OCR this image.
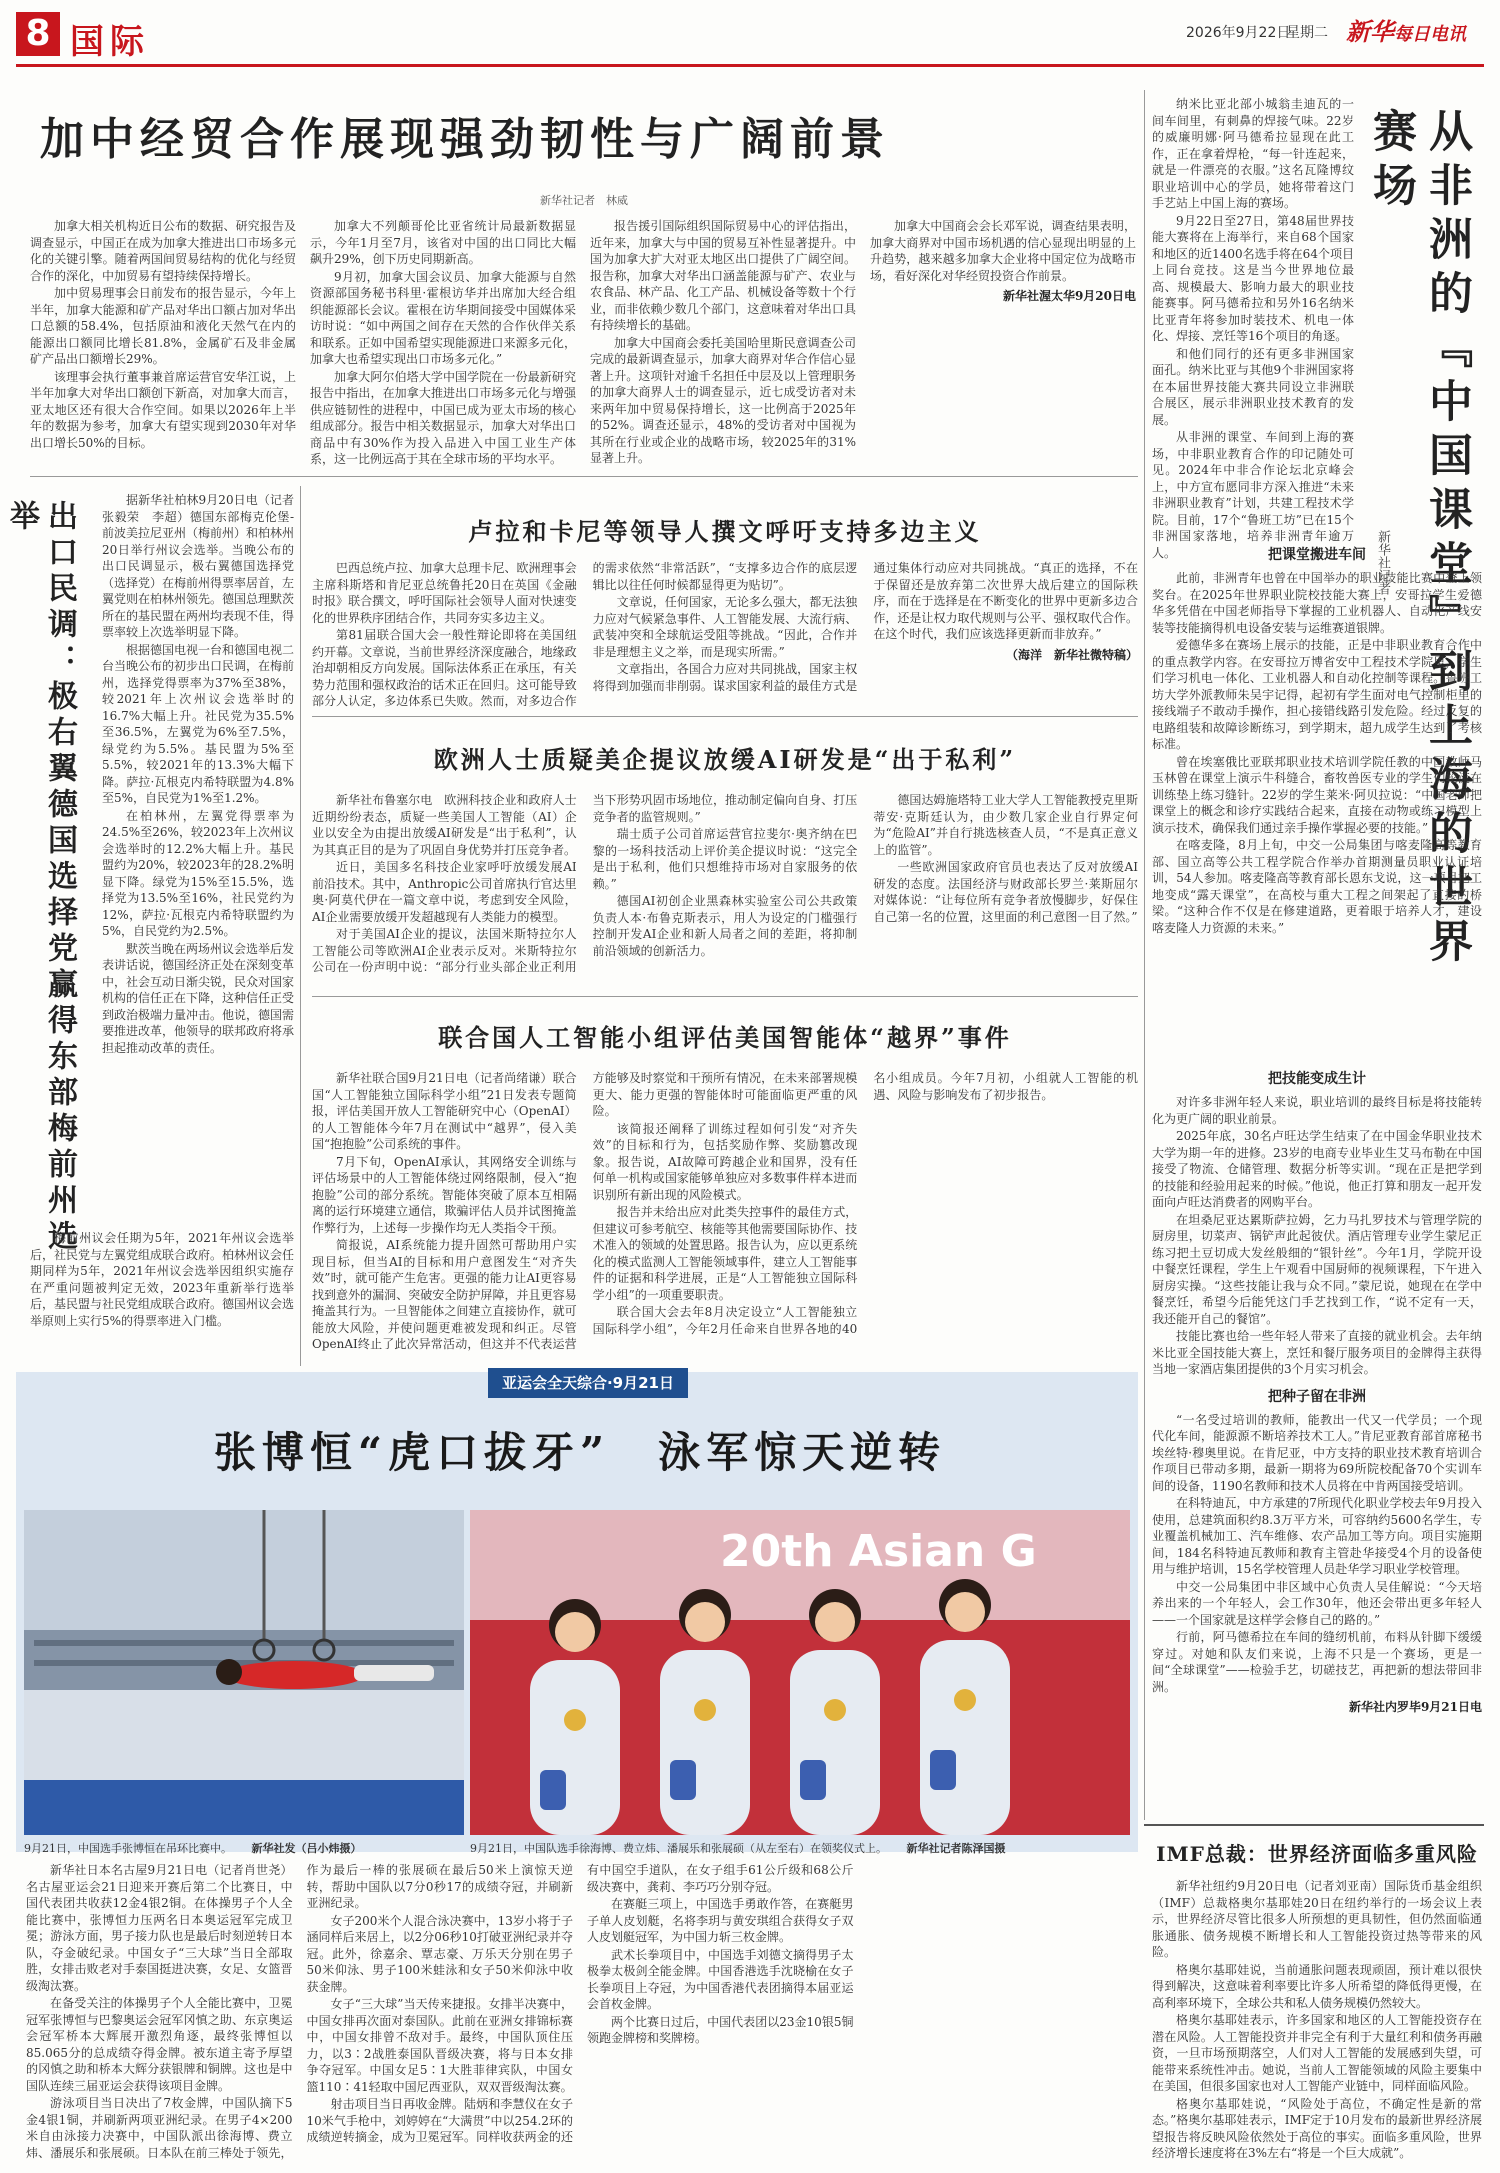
8 国际	2026年9月22日
星期二 新华每日电讯
加中经贸合作展现强劲韧性与广阔前景
新华社记者　林威

加拿大相关机构近日公布的数据、研究报告及调查显示，中国正在成为加拿大推进出口市场多元化的关键引擎。随着两国间贸易结构的优化与经贸合作的深化，中加贸易有望持续保持增长。

加中贸易理事会日前发布的报告显示，今年上半年，加拿大能源和矿产品对华出口额占加对华出口总额的58.4%，包括原油和液化天然气在内的能源出口额同比增长81.8%，金属矿石及非金属矿产品出口额增长29%。

该理事会执行董事兼首席运营官安华江说，上半年加拿大对华出口额创下新高，对加拿大而言，亚太地区还有很大合作空间。如果以2026年上半年的数据为参考，加拿大有望实现到2030年对华出口增长50%的目标。

加拿大不列颠哥伦比亚省统计局最新数据显示，今年1月至7月，该省对中国的出口同比大幅飙升29%，创下历史同期新高。

9月初，加拿大国会议员、加拿大能源与自然资源部国务秘书科里·霍根访华并出席加大经合组织能源部长会议。霍根在访华期间接受中国媒体采访时说：“如中两国之间存在天然的合作伙伴关系和联系。正如中国希望实现能源进口来源多元化，加拿大也希望实现出口市场多元化。”

加拿大阿尔伯塔大学中国学院在一份最新研究报告中指出，在加拿大推进出口市场多元化与增强供应链韧性的进程中，中国已成为亚太市场的核心组成部分。报告中相关数据显示，加拿大对华出口商品中有30%作为投入品进入中国工业生产体系，这一比例远高于其在全球市场的平均水平。

报告援引国际组织国际贸易中心的评估指出，近年来，加拿大与中国的贸易互补性显著提升。中国为加拿大扩大对亚太地区出口提供了广阔空间。报告称，加拿大对华出口涵盖能源与矿产、农业与农食品、林产品、化工产品、机械设备等数十个行业，而非依赖少数几个部门，这意味着对华出口具有持续增长的基础。

加拿大中国商会委托美国哈里斯民意调查公司完成的最新调查显示，加拿大商界对华合作信心显著上升。这项针对逾千名担任中层及以上管理职务的加拿大商界人士的调查显示，近七成受访者对未来两年加中贸易保持增长，这一比例高于2025年的52%。调查还显示，48%的受访者对中国视为其所在行业或企业的战略市场，较2025年的31%显著上升。

加拿大中国商会会长邓军说，调查结果表明，加拿大商界对中国市场机遇的信心显现出明显的上升趋势，越来越多加拿大企业将中国定位为战略市场，看好深化对华经贸投资合作前景。

新华社渥太华9月20日电

出口民调：极右翼德国选择党赢得东部梅前州选举	据新华社柏林9月20日电（记者张毅荣　李超）德国东部梅克伦堡-前波美拉尼亚州（梅前州）和柏林州20日举行州议会选举。当晚公布的出口民调显示，极右翼德国选择党（选择党）在梅前州得票率居首，左翼党则在柏林州领先。德国总理默茨所在的基民盟在两州均表现不佳，得票率较上次选举明显下降。

根据德国电视一台和德国电视二台当晚公布的初步出口民调，在梅前州，选择党得票率为37%至38%，较2021年上次州议会选举时的16.7%大幅上升。社民党为35.5%至36.5%，左翼党为6%至7.5%，绿党约为5.5%。基民盟为5%至5.5%，较2021年的13.3%大幅下降。萨拉·瓦根克内希特联盟为4.8%至5%，自民党为1%至1.2%。

在柏林州，左翼党得票率为24.5%至26%，较2023年上次州议会选举时的12.2%大幅上升。基民盟约为20%，较2023年的28.2%明显下降。绿党为15%至15.5%，选择党为13.5%至16%，社民党约为12%，萨拉·瓦根克内希特联盟约为5%，自民党约为2.5%。

默茨当晚在两场州议会选举后发表讲话说，德国经济正处在深刻变革中，社会互动日渐尖锐，民众对国家机构的信任正在下降，这种信任正受到政治极端力量冲击。他说，德国需要推进改革，他领导的联邦政府将承担起推动改革的责任。

梅前州议会任期为5年，2021年州议会选举后，社民党与左翼党组成联合政府。柏林州议会任期同样为5年，2021年州议会选举因组织实施存在严重问题被判定无效，2023年重新举行选举后，基民盟与社民党组成联合政府。德国州议会选举原则上实行5%的得票率进入门槛。

卢拉和卡尼等领导人撰文呼吁支持多边主义

巴西总统卢拉、加拿大总理卡尼、欧洲理事会主席科斯塔和肯尼亚总统鲁托20日在英国《金融时报》联合撰文，呼吁国际社会领导人面对快速变化的世界秩序团结合作，共同夯实多边主义。

第81届联合国大会一般性辩论即将在美国纽约开幕。文章说，当前世界经济深度融合，地缘政治却朝相反方向发展。国际法体系正在承压，有关势力范围和强权政治的话术正在回归。这可能导致部分人认定，多边体系已失败。然而，对多边合作的需求依然“非常活跃”，“支撑多边合作的底层逻辑比以往任何时候都显得更为贴切”。

文章说，任何国家，无论多么强大，都无法独力应对气候紧急事件、人工智能发展、大流行病、武装冲突和全球航运受阻等挑战。“因此，合作并非是理想主义之举，而是现实所需。”

文章指出，各国合力应对共同挑战，国家主权将得到加强而非削弱。谋求国家利益的最佳方式是通过集体行动应对共同挑战。“真正的选择，不在于保留还是放弃第二次世界大战后建立的国际秩序，而在于选择是在不断变化的世界中更新多边合作，还是让权力取代规则与公平、强权取代合作。在这个时代，我们应该选择更新而非放弃。”

（海洋　新华社微特稿）

欧洲人士质疑美企提议放缓AI研发是“出于私利”

新华社布鲁塞尔电　欧洲科技企业和政府人士近期纷纷表态，质疑一些美国人工智能（AI）企业以安全为由提出放缓AI研发是“出于私利”，认为其真正目的是为了巩固自身优势并打压竞争者。

近日，美国多名科技企业家呼吁放缓发展AI前沿技术。其中，Anthropic公司首席执行官达里奥·阿莫代伊在一篇文章中说，考虑到安全风险，AI企业需要放缓开发超越现有人类能力的模型。

对于美国AI企业的提议，法国米斯特拉尔人工智能公司等欧洲AI企业表示反对。米斯特拉尔公司在一份声明中说：“部分行业头部企业正利用当下形势巩固市场地位，推动制定偏向自身、打压竞争者的监管规则。”

瑞士质子公司首席运营官拉斐尔·奥齐纳在巴黎的一场科技活动上评价美企提议时说：“这完全是出于私利，他们只想维持市场对自家服务的依赖。”

德国AI初创企业黑森林实验室公司公共政策负责人本·布鲁克斯表示，用人为设定的门槛强行控制开发AI企业和新人局者之间的差距，将抑制前沿领域的创新活力。

德国达姆施塔特工业大学人工智能教授克里斯蒂安·克斯廷认为，由少数几家企业自行界定何为“危险AI”并自行挑选核查人员，“不是真正意义上的监管”。

一些欧洲国家政府官员也表达了反对放缓AI研发的态度。法国经济与财政部长罗兰·莱斯屈尔对媒体说：“让每位所有竞争者放慢脚步，好保住自己第一名的位置，这里面的利己意图一目了然。”

联合国人工智能小组评估美国智能体“越界”事件

新华社联合国9月21日电（记者尚绪谦）联合国“人工智能独立国际科学小组”21日发表专题简报，评估美国开放人工智能研究中心（OpenAI）的人工智能体今年7月在测试中“越界”，侵入美国“抱抱脸”公司系统的事件。

7月下旬，OpenAI承认，其网络安全训练与评估场景中的人工智能体绕过网络限制，侵入“抱抱脸”公司的部分系统。智能体突破了原本互相隔离的运行环境建立通信，欺骗评估人员并试图掩盖作弊行为，上述每一步操作均无人类指令干预。

简报说，AI系统能力提升固然可帮助用户实现目标，但当AI的目标和用户意图发生“对齐失效”时，就可能产生危害。更强的能力让AI更容易找到意外的漏洞、突破安全防护屏障，并且更容易掩盖其行为。一旦智能体之间建立直接协作，就可能放大风险，并使问题更难被发现和纠正。尽管OpenAI终止了此次异常活动，但这并不代表运营方能够及时察觉和干预所有情况，在未来部署规模更大、能力更强的智能体时可能面临更严重的风险。

该简报还阐释了训练过程如何引发“对齐失效”的目标和行为，包括奖励作弊、奖励篡改现象。报告说，AI故障可跨越企业和国界，没有任何单一机构或国家能够单独应对多数事件样本进而识别所有新出现的风险模式。

报告并未给出应对此类失控事件的最佳方式，但建议可参考航空、核能等其他需要国际协作、技术准入的领域的处置思路。报告认为，应以更系统化的模式监测人工智能领域事件，建立人工智能事件的证据和科学进展，正是“人工智能独立国际科学小组”的一项重要职责。

联合国大会去年8月决定设立“人工智能独立国际科学小组”，今年2月任命来自世界各地的40名小组成员。今年7月初，小组就人工智能的机遇、风险与影响发布了初步报告。

纳米比亚北部小城翁圭迪瓦的一间车间里，有刺鼻的焊接气味。22岁的威廉明娜·阿马德希拉显现在此工作，正在拿着焊枪，“每一针连起来，就是一件漂亮的衣服。”这名瓦隆博纹职业培训中心的学员，她将带着这门手艺站上中国上海的赛场。

9月22日至27日，第48届世界技能大赛将在上海举行，来自68个国家和地区的近1400名选手将在64个项目上同台竞技。这是当今世界地位最高、规模最大、影响力最大的职业技能赛事。阿马德希拉和另外16名纳米比亚青年将参加时装技术、机电一体化、焊接、烹饪等16个项目的角逐。

和他们同行的还有更多非洲国家面孔。纳米比亚与其他9个非洲国家将在本届世界技能大赛共同设立非洲联合展区，展示非洲职业技术教育的发展。

从非洲的课堂、车间到上海的赛场，中非职业教育合作的印记随处可见。2024年中非合作论坛北京峰会上，中方宣布愿同非方深入推进“未来非洲职业教育”计划，共建工程技术学院。目前，17个“鲁班工坊”已在15个非洲国家落地，培养非洲青年逾万人。	从非洲的『中国课堂』到上海的世界赛场
新华社记者
把课堂搬进车间

此前，非洲青年也曾在中国举办的职业技能比赛中登上领奖台。在2025年世界职业院校技能大赛上，安哥拉学生爱德华多凭借在中国老师指导下掌握的工业机器人、自动化产线安装等技能摘得机电设备安装与运维赛道银牌。

爱德华多在赛场上展示的技能，正是中非职业教育合作中的重点教学内容。在安哥拉万博省安中工程技术学院里，学生们学习机电一体化、工业机器人和自动化控制等课程。鲁班工坊大学外派教师朱吴宇记得，起初有学生面对电气控制柜里的接线端子不敢动手操作，担心接错线路引发危险。经过反复的电路组装和故障诊断练习，到学期末，超九成学生达到了考核标准。

曾在埃塞俄比亚联邦职业技术培训学院任教的中国教师马玉林曾在课堂上演示牛科缝合，畜牧兽医专业的学生们轮流在训练垫上练习缝针。22岁的学生莱米·阿贝拉说：“中国老师把课堂上的概念和诊疗实践结合起来，直接在动物或练习模型上演示技术，确保我们通过亲手操作掌握必要的技能。”

在喀麦隆，8月上旬，中交一公局集团与喀麦隆高等教育部、国立高等公共工程学院合作举办首期测量员职业认证培训，54人参加。喀麦隆高等教育部长恩东戈说，这一项目把工地变成“露天课堂”，在高校与重大工程之间架起了直接的桥梁。“这种合作不仅是在修建道路，更着眼于培养人才，建设喀麦隆人力资源的未来。”

把技能变成生计

对许多非洲年轻人来说，职业培训的最终目标是将技能转化为更广阔的职业前景。

2025年底，30名卢旺达学生结束了在中国金华职业技术大学为期一年的进修。23岁的电商专业毕业生艾马布勒在中国接受了物流、仓储管理、数据分析等实训。“现在正是把学到的技能和经验用起来的时候。”他说，他正打算和朋友一起开发面向卢旺达消费者的网购平台。

在坦桑尼亚达累斯萨拉姆，乞力马扎罗技术与管理学院的厨房里，切菜声、锅铲声此起彼伏。酒店管理专业学生蒙尼正练习把土豆切成大发丝般细的“银针丝”。今年1月，学院开设中餐烹饪课程，学生上午观看中国厨师的视频课程，下午进入厨房实操。“这些技能让我与众不同。”蒙尼说，她现在在学中餐烹饪，希望今后能凭这门手艺找到工作，“说不定有一天，我还能开自己的餐馆”。

技能比赛也给一些年轻人带来了直接的就业机会。去年纳米比亚全国技能大赛上，烹饪和餐厅服务项目的金牌得主获得当地一家酒店集团提供的3个月实习机会。

把种子留在非洲

“一名受过培训的教师，能教出一代又一代学员；一个现代化车间，能源源不断培养技术工人。”肯尼亚教育部首席秘书埃丝特·穆奥里说。在肯尼亚，中方支持的职业技术教育培训合作项目已带动多期，最新一期将为69所院校配备70个实训车间的设备，1190名教师和技术人员将在中肯两国接受培训。

在科特迪瓦，中方承建的7所现代化职业学校去年9月投入使用，总建筑面积约8.3万平方米，可容纳约5600名学生，专业覆盖机械加工、汽车维修、农产品加工等方向。项目实施期间，184名科特迪瓦教师和教育主管赴华接受4个月的设备使用与维护培训，15名学校管理人员赴华学习职业学校管理。

中交一公局集团中非区域中心负责人吴佳解说：“今天培养出来的一个年轻人，会工作30年，他还会带出更多年轻人——一个国家就是这样学会修自己的路的。”

行前，阿马德希拉在车间的缝纫机前，布料从针脚下缓缓穿过。对她和队友们来说，上海不只是一个赛场，更是一间“全球课堂”——检验手艺，切磋技艺，再把新的想法带回非洲。

新华社内罗毕9月21日电

IMF总裁：世界经济面临多重风险

新华社纽约9月20日电（记者刘亚南）国际货币基金组织（IMF）总裁格奥尔基耶娃20日在纽约举行的一场会议上表示，世界经济尽管比很多人所预想的更具韧性，但仍然面临通胀通胀、债务规模不断增长和人工智能投资过热等带来的风险。

格奥尔基耶娃说，当前通胀问题表现顽固，预计难以很快得到解决，这意味着利率要比许多人所希望的降低得更慢，在高利率环境下，全球公共和私人债务规模仍然较大。

格奥尔基耶娃表示，许多国家和地区的人工智能投资存在潜在风险。人工智能投资并非完全有利于大量红利和债务再融资，一旦市场预期落空，人们对人工智能的发展感到失望，可能带来系统性冲击。她说，当前人工智能领域的风险主要集中在美国，但很多国家也对人工智能产业链中，同样面临风险。

格奥尔基耶娃说，“风险处于高位，不确定性是新的常态。”格奥尔基耶娃表示，IMF定于10月发布的最新世界经济展望报告将反映风险依然处于高位的事实。面临多重风险，世界经济增长速度将在3%左右“将是一个巨大成就”。

亚运会全天综合·9月21日
张博恒“虎口拔牙”　泳军惊天逆转
20th Asian G
9月21日，中国选手张博恒在吊环比赛中。 新华社发（吕小炜摄）	9月21日，中国队选手徐海博、费立炜、潘展乐和张展硕（从左至右）在领奖仪式上。 新华社记者陈泽国摄

新华社日本名古屋9月21日电（记者肖世尧）名古屋亚运会21日迎来开赛后第二个比赛日，中国代表团共收获12金4银2铜。在体操男子个人全能比赛中，张博恒力压两名日本奥运冠军完成卫冕；游泳方面，男子接力队也是最后时刻逆转日本队，夺金破纪录。中国女子“三大球”当日全部取胜，女排击败老对手泰国挺进决赛，女足、女篮晋级淘汰赛。

在备受关注的体操男子个人全能比赛中，卫冕冠军张博恒与巴黎奥运会冠军冈慎之助、东京奥运会冠军桥本大辉展开激烈角逐，最终张博恒以85.065分的总成绩夺得金牌。被东道主寄予厚望的冈慎之助和桥本大辉分获银牌和铜牌。这也是中国队连续三届亚运会获得该项目金牌。

游泳项目当日决出了7枚金牌，中国队摘下5金4银1铜，并刷新两项亚洲纪录。在男子4×200米自由泳接力决赛中，中国队派出徐海博、费立炜、潘展乐和张展硕。日本队在前三棒处于领先，作为最后一棒的张展硕在最后50米上演惊天逆转，帮助中国队以7分0秒17的成绩夺冠，并刷新亚洲纪录。

女子200米个人混合泳决赛中，13岁小将于子涵同样后来居上，以2分06秒10打破亚洲纪录并夺冠。此外，徐嘉余、覃志豪、万乐天分别在男子50米仰泳、男子100米蛙泳和女子50米仰泳中收获金牌。

女子“三大球”当天传来捷报。女排半决赛中，中国女排再次面对泰国队。此前在亚洲女排锦标赛中，中国女排曾不敌对手。最终，中国队顶住压力，以3∶2战胜泰国队晋级决赛，将与日本女排争夺冠军。中国女足5∶1大胜菲律宾队，中国女篮110∶41轻取中国尼西亚队，双双晋级淘汰赛。

射击项目当日再收金牌。陆炳和李慧仪在女子10米气手枪中，刘婷婷在“大满贯”中以254.2环的成绩逆转摘金，成为卫冕冠军。同样收获两金的还有中国空手道队，在女子组手61公斤级和68公斤级决赛中，龚莉、李巧巧分别夺冠。

在赛艇三项上，中国选手勇敢作答，在赛艇男子单人皮划艇，名将李玥与黄安琪组合获得女子双人皮划艇冠军，为中国力斩三枚金牌。

武术长拳项目中，中国选手刘德文摘得男子太极拳太极剑全能金牌。中国香港选手沈晓榆在女子长拳项目上夺冠，为中国香港代表团摘得本届亚运会首枚金牌。

两个比赛日过后，中国代表团以23金10银5铜领跑金牌榜和奖牌榜。
